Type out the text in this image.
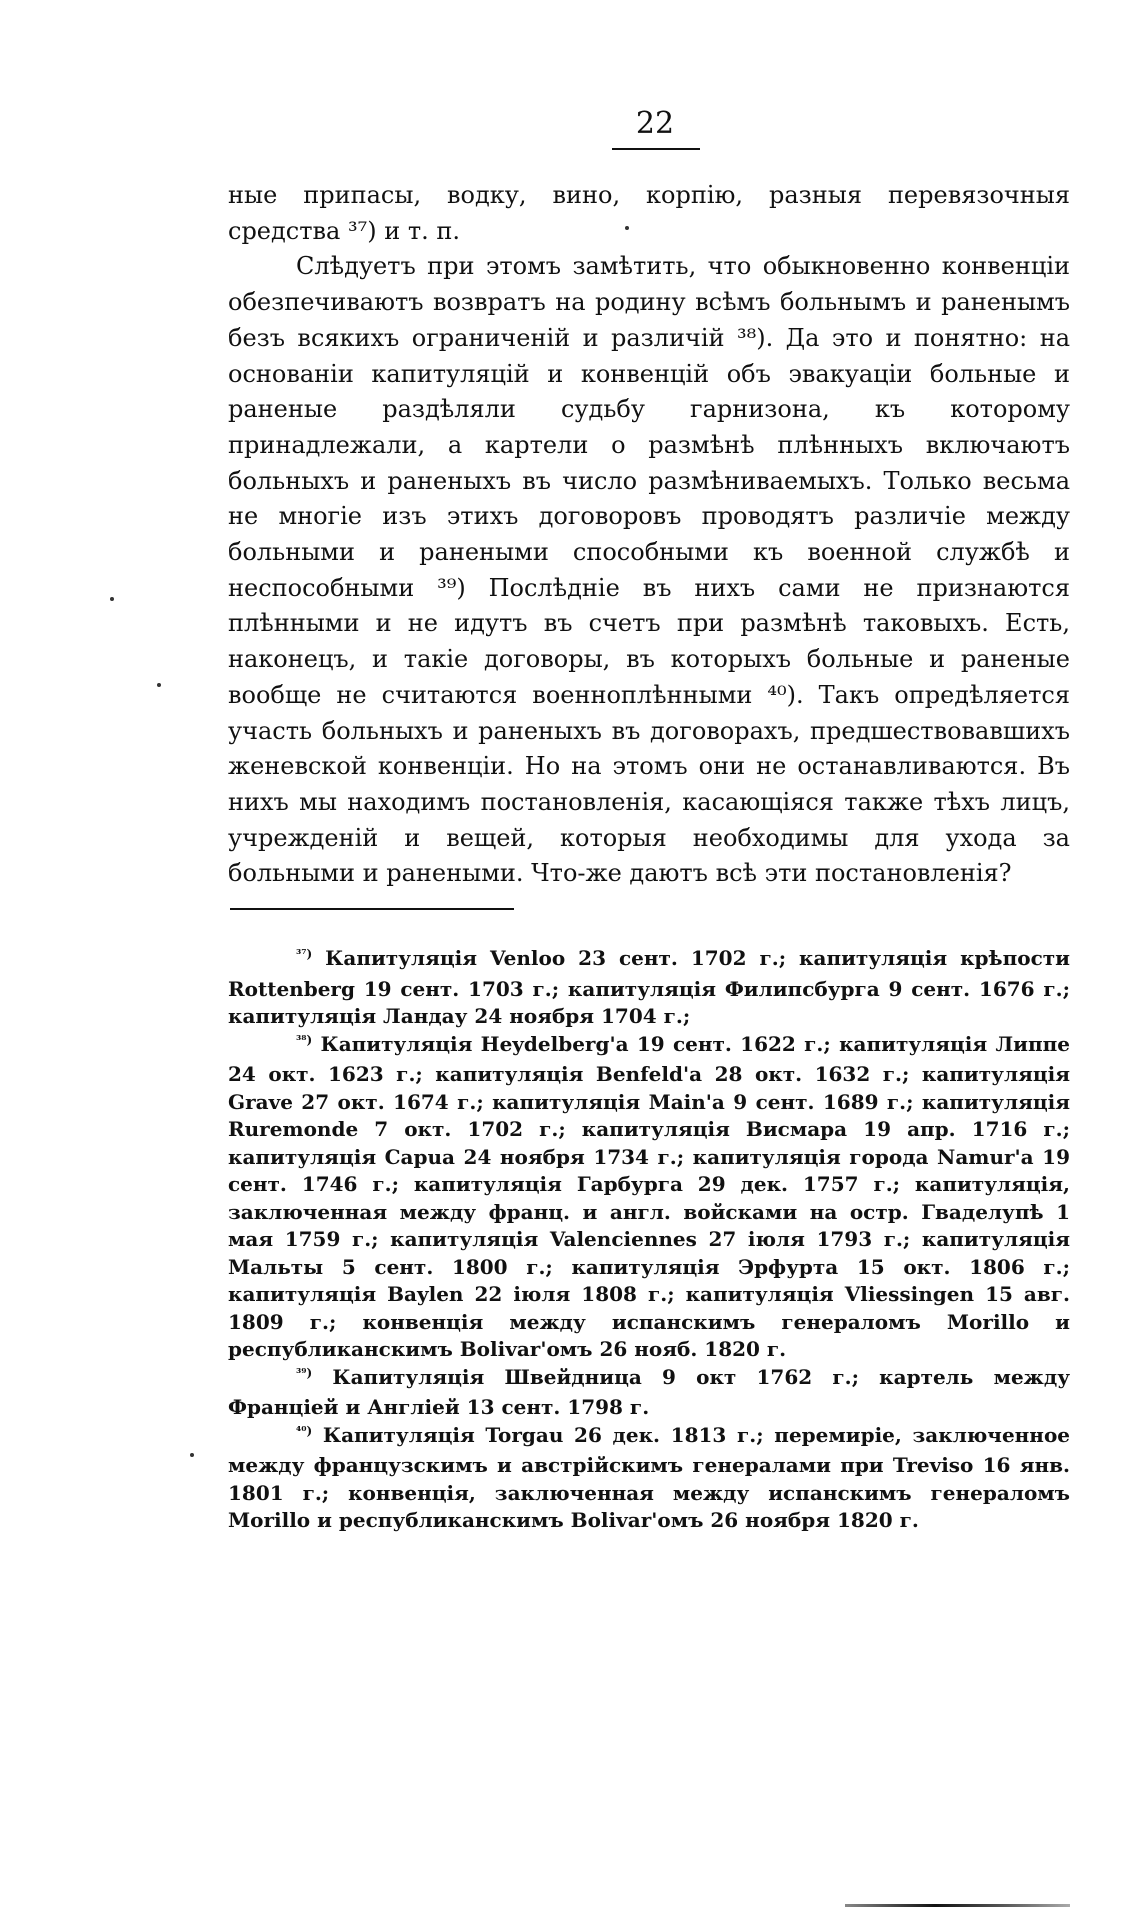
22

ные припасы, водку, вино, корпію, разныя перевязочныя средства ³⁷) и т. п.

Слѣдуетъ при этомъ замѣтить, что обыкновенно конвенціи обезпечиваютъ возвратъ на родину всѣмъ больнымъ и раненымъ безъ всякихъ ограниченій и различій ³⁸). Да это и понятно: на основаніи капитуляцій и конвенцій объ эвакуаціи больные и раненые раздѣляли судьбу гарнизона, къ которому принадлежали, а картели о размѣнѣ плѣнныхъ включаютъ больныхъ и раненыхъ въ число размѣниваемыхъ. Только весьма не многіе изъ этихъ договоровъ проводятъ различіе между больными и ранеными способными къ военной службѣ и неспособными ³⁹) Послѣдніе въ нихъ сами не признаются плѣнными и не идутъ въ счетъ при размѣнѣ таковыхъ. Есть, наконецъ, и такіе договоры, въ которыхъ больные и раненые вообще не считаются военноплѣнными ⁴⁰). Такъ опредѣляется участь больныхъ и раненыхъ въ договорахъ, предшествовавшихъ женевской конвенціи. Но на этомъ они не останавливаются. Въ нихъ мы находимъ постановленія, касающіяся также тѣхъ лицъ, учрежденій и вещей, которыя необходимы для ухода за больными и ранеными. Что-же даютъ всѣ эти постановленія?

$^{^{37})}$ Капитуляція Venloo 23 сент. 1702 г.; капитуляція крѣпости Rottenberg 19 сент. 1703 г.; капитуляція Филипсбурга 9 сент. 1676 г.; капитуляція Ландау 24 ноября 1704 г.;

$^{^{38})}$ Капитуляція Heydelberg'a 19 сент. 1622 г.; капитуляція Липпе 24 окт. 1623 г.; капитуляція Benfeld'a 28 окт. 1632 г.; капитуляція Grave 27 окт. 1674 г.; капитуляція Main'a 9 сент. 1689 г.; капитуляція Ruremonde 7 окт. 1702 г.; капитуляція Висмара 19 апр. 1716 г.; капитуляція Capua 24 ноября 1734 г.; капитуляція города Namur'a 19 сент. 1746 г.; капитуляція Гарбурга 29 дек. 1757 г.; капитуляція, заключенная между франц. и англ. войсками на остр. Гваделупѣ 1 мая 1759 г.; капитуляція Valenciennes 27 іюля 1793 г.; капитуляція Мальты 5 сент. 1800 г.; капитуляція Эрфурта 15 окт. 1806 г.; капитуляція Baylen 22 іюля 1808 г.; капитуляція Vliessingen 15 авг. 1809 г.; конвенція между испанскимъ генераломъ Morillo и республиканскимъ Bolivar'омъ 26 нояб. 1820 г.

$^{^{39})}$ Капитуляція Швейдница 9 окт 1762 г.; картель между Франціей и Англіей 13 сент. 1798 г.

$^{^{40})}$ Капитуляція Torgau 26 дек. 1813 г.; перемиріе, заключенное между французскимъ и австрійскимъ генералами при Treviso 16 янв. 1801 г.; конвенція, заключенная между испанскимъ генераломъ Morillo и республиканскимъ Bolivar'омъ 26 ноября 1820 г.
